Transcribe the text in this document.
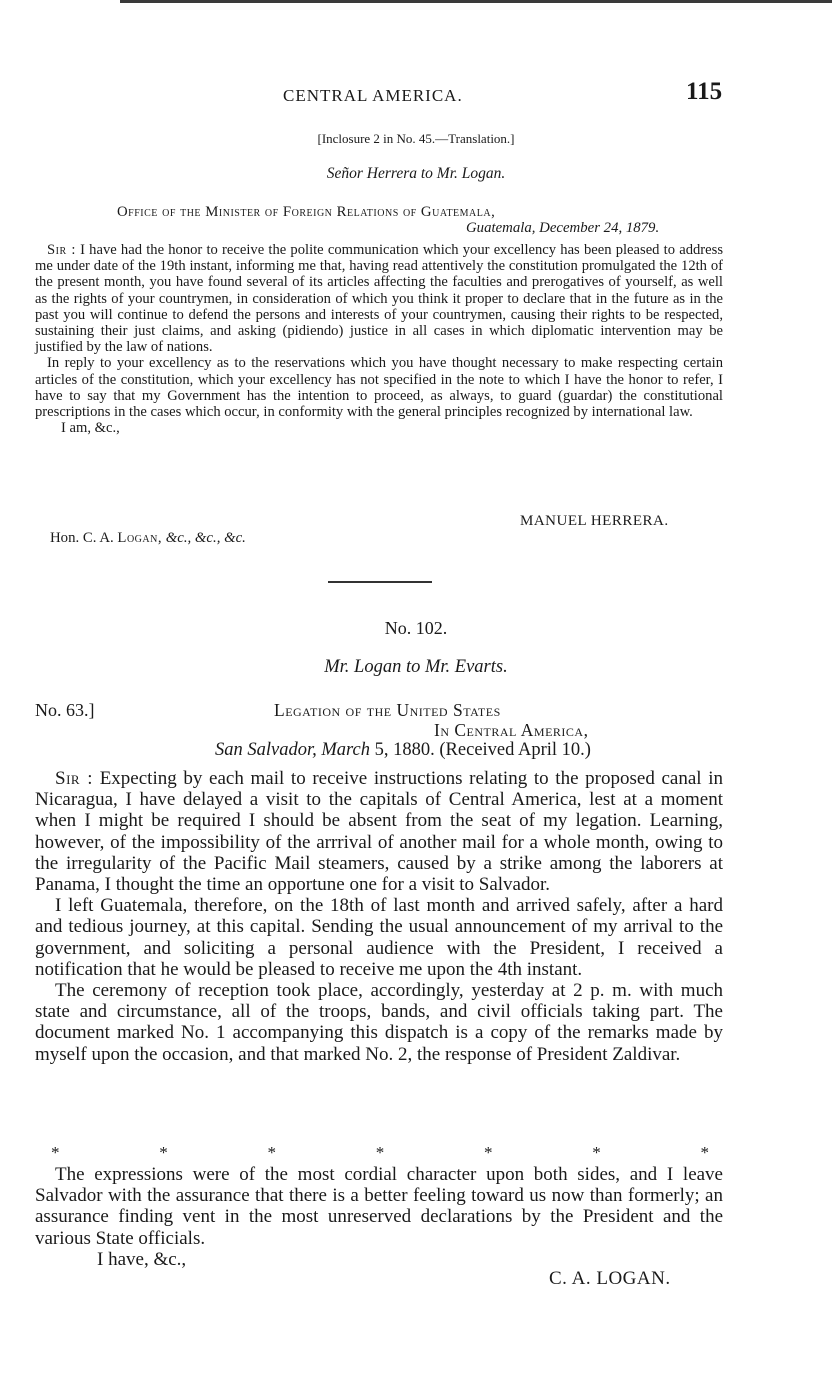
CENTRAL AMERICA.	115
[Inclosure 2 in No. 45.—Translation.]
Señor Herrera to Mr. Logan.
Office of the Minister of Foreign Relations of Guatemala,
Guatemala, December 24, 1879.

Sir : I have had the honor to receive the polite communication which your excellency has been pleased to address me under date of the 19th instant, informing me that, having read attentively the constitution promulgated the 12th of the present month, you have found several of its articles affecting the faculties and prerogatives of yourself, as well as the rights of your countrymen, in consideration of which you think it proper to declare that in the future as in the past you will continue to defend the persons and interests of your countrymen, causing their rights to be respected, sustaining their just claims, and asking (pidiendo) justice in all cases in which diplomatic intervention may be justified by the law of nations.

In reply to your excellency as to the reservations which you have thought necessary to make respecting certain articles of the constitution, which your excellency has not specified in the note to which I have the honor to refer, I have to say that my Government has the intention to proceed, as always, to guard (guardar) the constitutional prescriptions in the cases which occur, in conformity with the general principles recognized by international law.

I am, &c.,

MANUEL HERRERA.
Hon. C. A. Logan, &c., &c., &c.
No. 102.
Mr. Logan to Mr. Evarts.
No. 63.]	Legation of the United States
In Central America,
San Salvador, March 5, 1880. (Received April 10.)

Sir : Expecting by each mail to receive instructions relating to the proposed canal in Nicaragua, I have delayed a visit to the capitals of Central America, lest at a moment when I might be required I should be absent from the seat of my legation. Learning, however, of the impossibility of the arrrival of another mail for a whole month, owing to the irregularity of the Pacific Mail steamers, caused by a strike among the laborers at Panama, I thought the time an opportune one for a visit to Salvador.

I left Guatemala, therefore, on the 18th of last month and arrived safely, after a hard and tedious journey, at this capital. Sending the usual announcement of my arrival to the government, and soliciting a personal audience with the President, I received a notification that he would be pleased to receive me upon the 4th instant.

The ceremony of reception took place, accordingly, yesterday at 2 p. m. with much state and circumstance, all of the troops, bands, and civil officials taking part. The document marked No. 1 accompanying this dispatch is a copy of the remarks made by myself upon the occasion, and that marked No. 2, the response of President Zaldivar.

*	*	*	*	*	*	*

The expressions were of the most cordial character upon both sides, and I leave Salvador with the assurance that there is a better feeling toward us now than formerly; an assurance finding vent in the most unreserved declarations by the President and the various State officials.

I have, &c.,

C. A. LOGAN.
